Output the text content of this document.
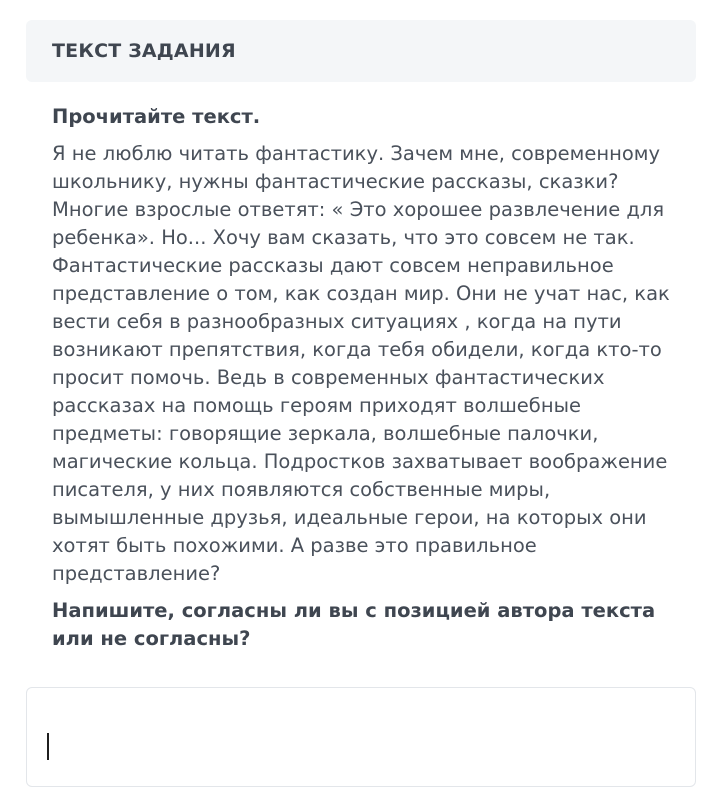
ТЕКСТ ЗАДАНИЯ

Прочитайте текст.

Я не люблю читать фантастику. Зачем мне, современному
школьнику, нужны фантастические рассказы, сказки?
Многие взрослые ответят: « Это хорошее развлечение для
ребенка». Но... Хочу вам сказать, что это совсем не так.
Фантастические рассказы дают совсем неправильное
представление о том, как создан мир. Они не учат нас, как
вести себя в разнообразных ситуациях , когда на пути
возникают препятствия, когда тебя обидели, когда кто-то
просит помочь. Ведь в современных фантастических
рассказах на помощь героям приходят волшебные
предметы: говорящие зеркала, волшебные палочки,
магические кольца. Подростков захватывает воображение
писателя, у них появляются собственные миры,
вымышленные друзья, идеальные герои, на которых они
хотят быть похожими. А разве это правильное
представление?

Напишите, согласны ли вы с позицией автора текста
или не согласны?
